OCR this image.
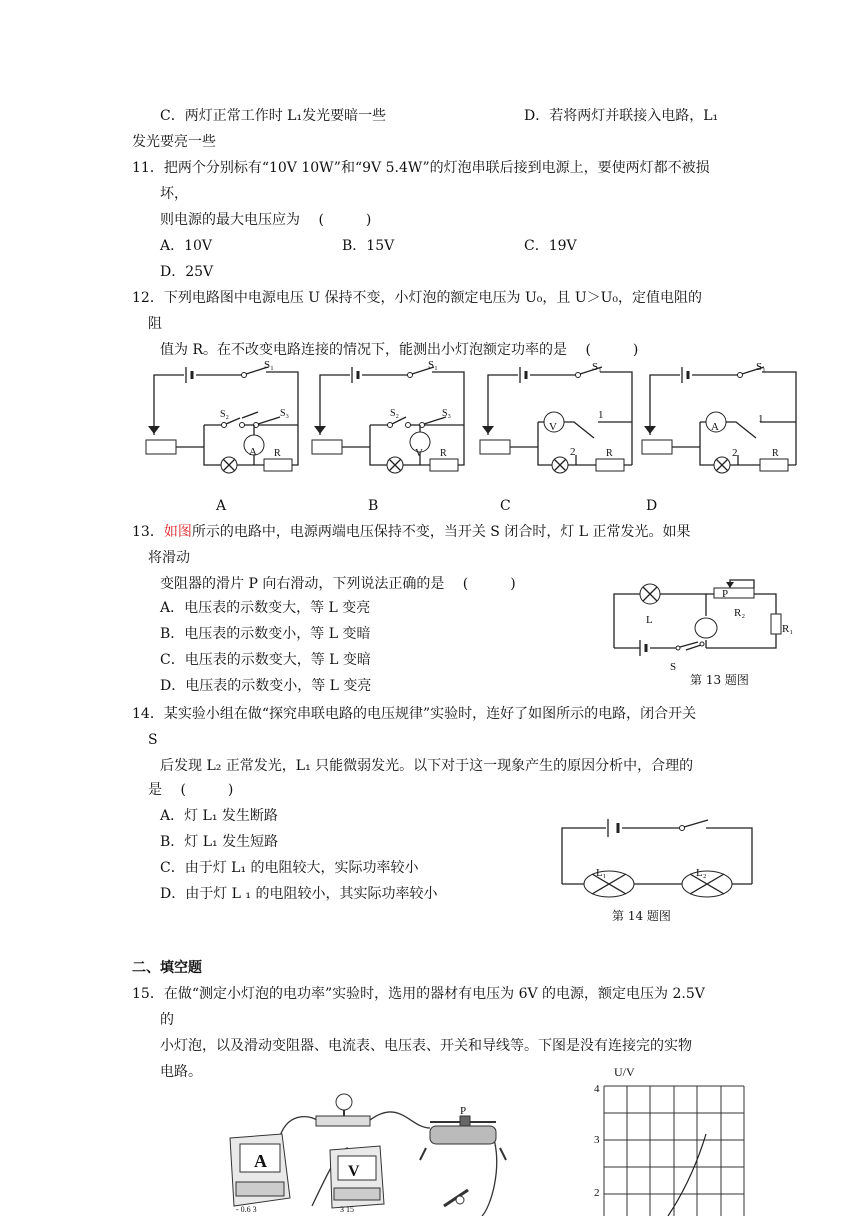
C．两灯正常工作时 L₁发光要暗一些	D．若将两灯并联接入电路，L₁
发光要亮一些
11．把两个分别标有“10V 10W”和“9V 5.4W”的灯泡串联后接到电源上，要使两灯都不被损
坏，
则电源的最大电压应为　 (　　　)
A．10V	B．15V	C．19V
D．25V
12．下列电路图中电源电压 U 保持不变，小灯泡的额定电压为 U₀，且 U＞U₀，定值电阻的
阻
值为 R。在不改变电路连接的情况下，能测出小灯泡额定功率的是　 (　　　)
S₁
S₂	S₃
A R
A
S₁
S₂	S₃
V R
B
S₁
V
1
2	R
C
S₁
A
1
2	R
D
13．如图所示的电路中，电源两端电压保持不变，当开关 S 闭合时，灯 L 正常发光。如果
将滑动
变阻器的滑片 P 向右滑动，下列说法正确的是　 (　　　)
A．电压表的示数变大，等 L 变亮
B．电压表的示数变小，等 L 变暗
C．电压表的示数变大，等 L 变暗
D．电压表的示数变小，等 L 变亮
L
P
R₂
R₁
S
第 13 题图
14．某实验小组在做“探究串联电路的电压规律”实验时，连好了如图所示的电路，闭合开关
S
后发现 L₂ 正常发光，L₁ 只能微弱发光。以下对于这一现象产生的原因分析中，合理的
是　 (　　　)
A．灯 L₁ 发生断路
B．灯 L₁ 发生短路
C．由于灯 L₁ 的电阻较大，实际功率较小
D．由于灯 L ₁ 的电阻较小，其实际功率较小
L₁	L₂
第 14 题图
二、填空题
15．在做“测定小灯泡的电功率”实验时，选用的器材有电压为 6V 的电源，额定电压为 2.5V
的
小灯泡，以及滑动变阻器、电流表、电压表、开关和导线等。下图是没有连接完的实物
电路。	U/V
4
3
2
A
- 0.6 3
V
3 15
P
